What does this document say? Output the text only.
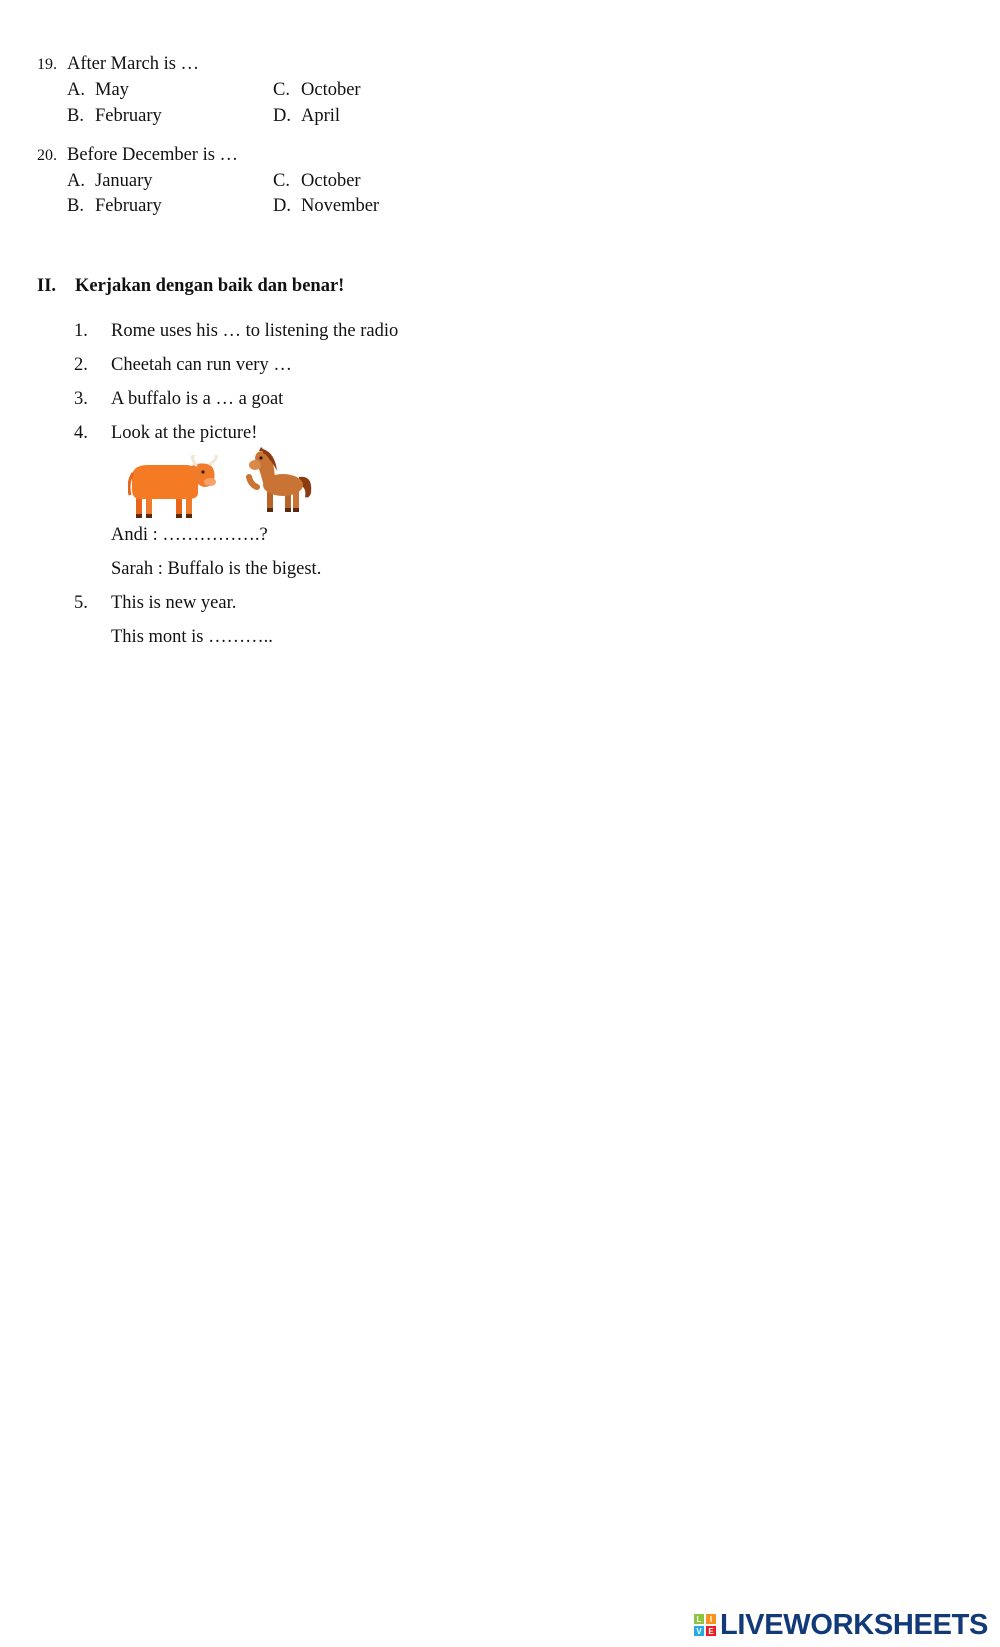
19. After March is …
A. May	C. October
B. February	D. April
20. Before December is …
A. January	C. October
B. February	D. November
II. Kerjakan dengan baik dan benar!
1. Rome uses his … to listening the radio
2. Cheetah can run very …
3. A buffalo is a … a goat
4. Look at the picture!
Andi : …………….?
Sarah : Buffalo is the bigest.
5. This is new year.
This mont is ………..
L	I
V E LIVEWORKSHEETS
